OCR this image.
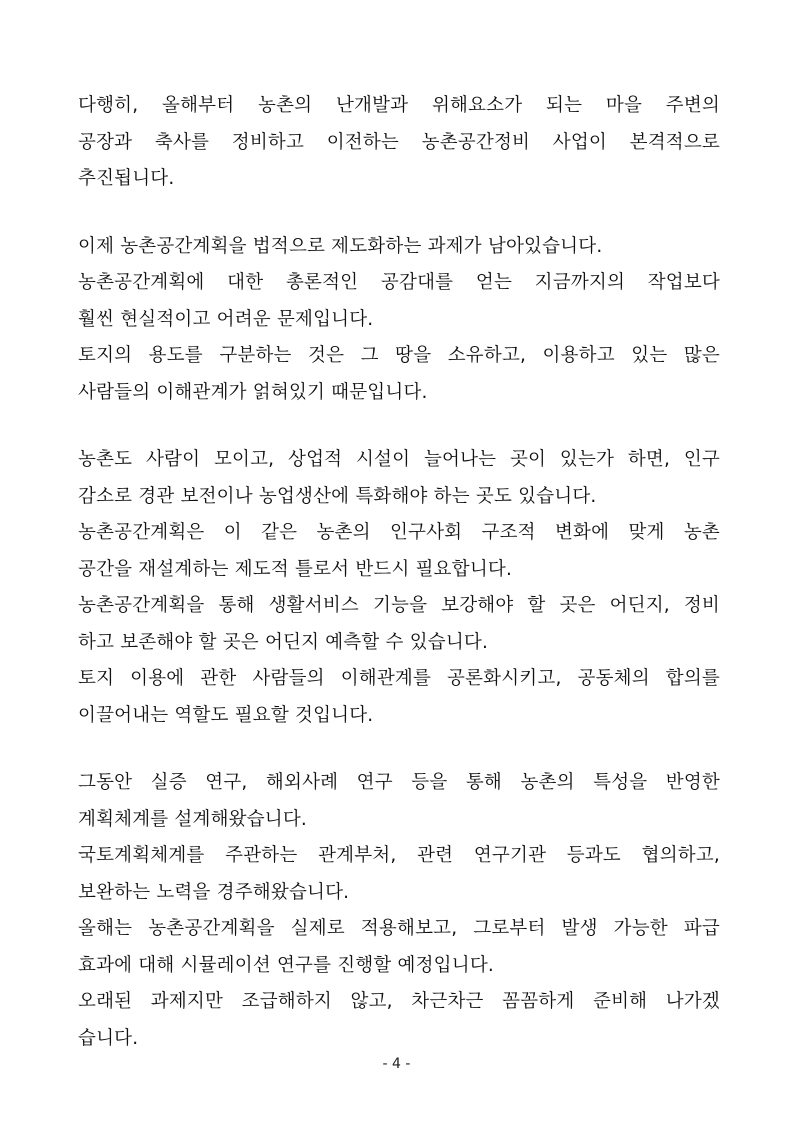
다행히, 올해부터 농촌의 난개발과 위해요소가 되는 마을 주변의
공장과 축사를 정비하고 이전하는 농촌공간정비 사업이 본격적으로
추진됩니다.
이제 농촌공간계획을 법적으로 제도화하는 과제가 남아있습니다.
농촌공간계획에 대한 총론적인 공감대를 얻는 지금까지의 작업보다
훨씬 현실적이고 어려운 문제입니다.
토지의 용도를 구분하는 것은 그 땅을 소유하고, 이용하고 있는 많은
사람들의 이해관계가 얽혀있기 때문입니다.
농촌도 사람이 모이고, 상업적 시설이 늘어나는 곳이 있는가 하면, 인구
감소로 경관 보전이나 농업생산에 특화해야 하는 곳도 있습니다.
농촌공간계획은 이 같은 농촌의 인구사회 구조적 변화에 맞게 농촌
공간을 재설계하는 제도적 틀로서 반드시 필요합니다.
농촌공간계획을 통해 생활서비스 기능을 보강해야 할 곳은 어딘지, 정비
하고 보존해야 할 곳은 어딘지 예측할 수 있습니다.
토지 이용에 관한 사람들의 이해관계를 공론화시키고, 공동체의 합의를
이끌어내는 역할도 필요할 것입니다.
그동안 실증 연구, 해외사례 연구 등을 통해 농촌의 특성을 반영한
계획체계를 설계해왔습니다.
국토계획체계를 주관하는 관계부처, 관련 연구기관 등과도 협의하고,
보완하는 노력을 경주해왔습니다.
올해는 농촌공간계획을 실제로 적용해보고, 그로부터 발생 가능한 파급
효과에 대해 시뮬레이션 연구를 진행할 예정입니다.
오래된 과제지만 조급해하지 않고, 차근차근 꼼꼼하게 준비해 나가겠
습니다.
- 4 -
